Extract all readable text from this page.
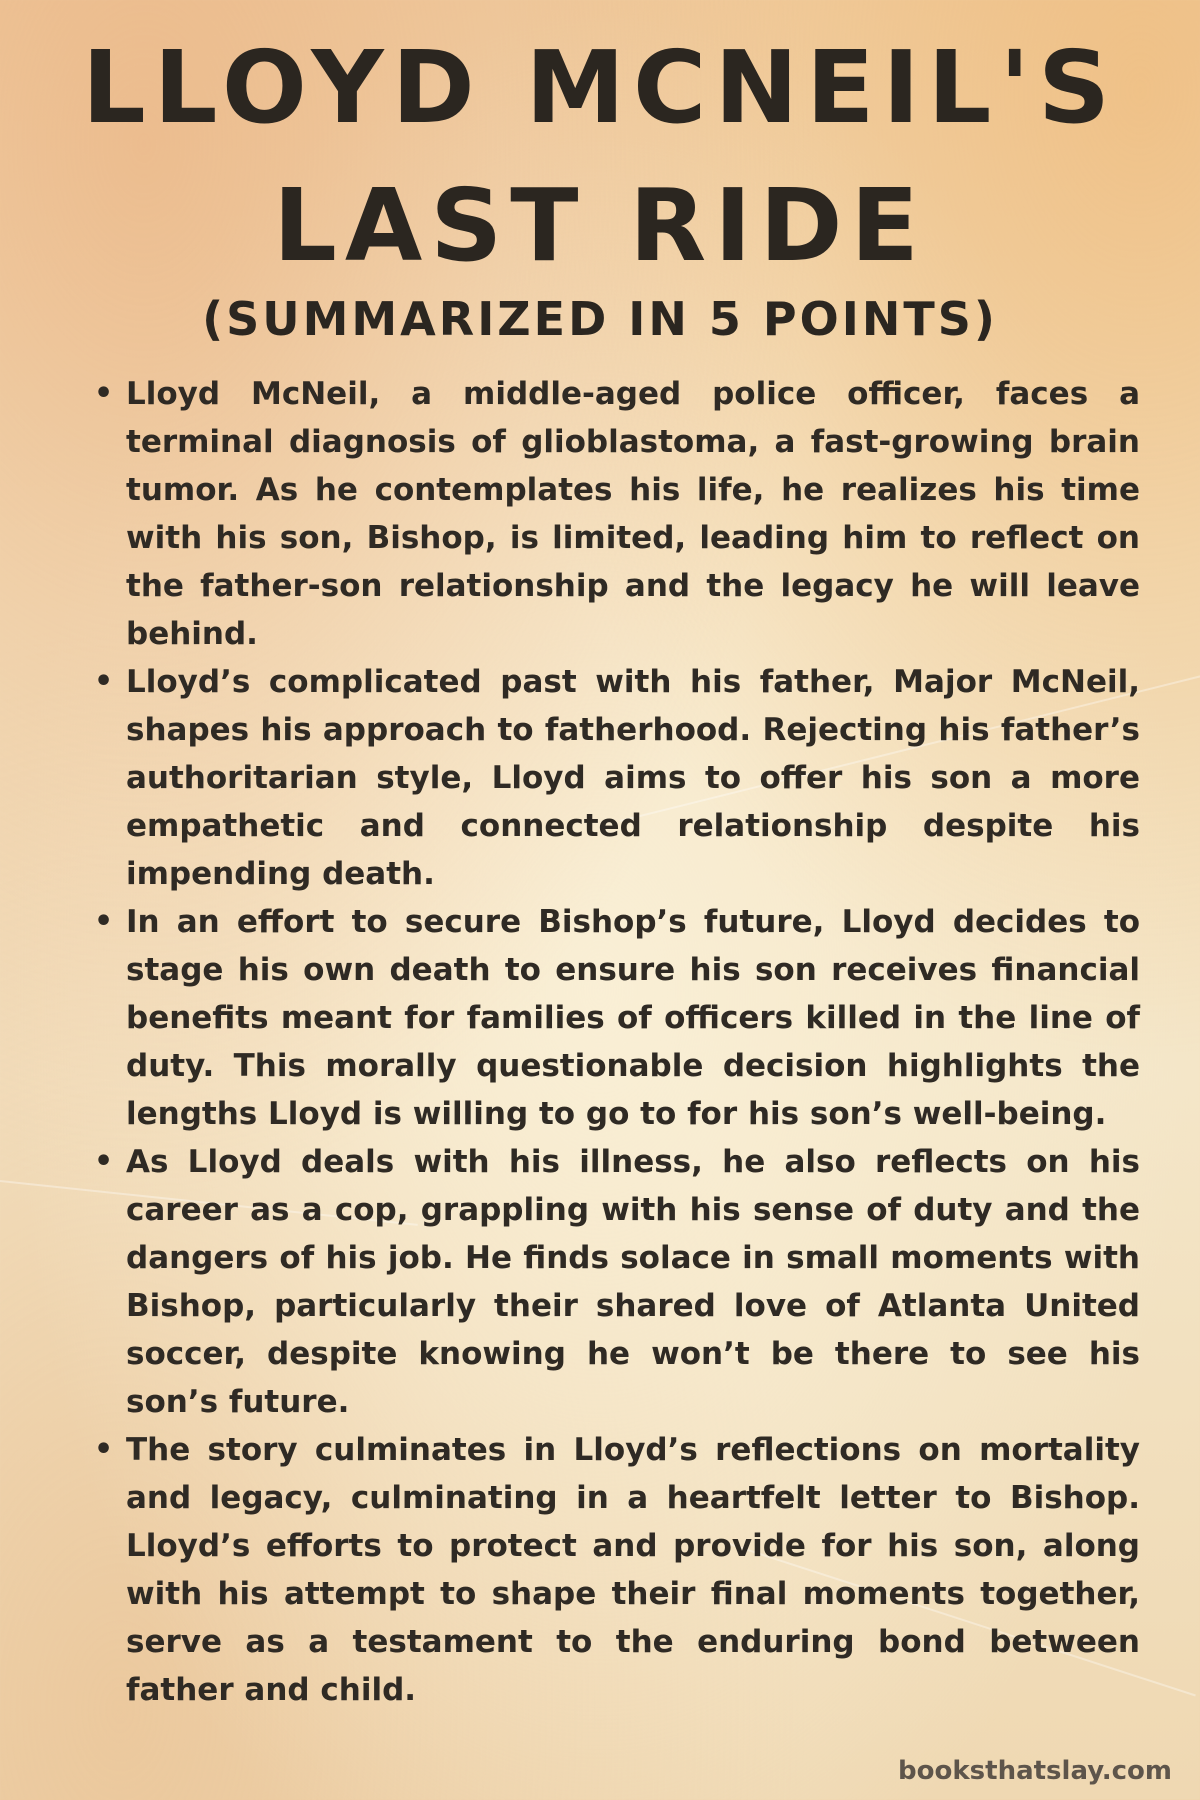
LLOYD MCNEIL'S
LAST RIDE
(SUMMARIZED IN 5 POINTS)
• Lloyd McNeil, a middle-aged police officer, faces a terminal diagnosis of glioblastoma, a fast-growing brain tumor. As he contemplates his life, he realizes his time with his son, Bishop, is limited, leading him to reflect on the father-son relationship and the legacy he will leave behind.
• Lloyd’s complicated past with his father, Major McNeil, shapes his approach to fatherhood. Rejecting his father’s authoritarian style, Lloyd aims to offer his son a more empathetic and connected relationship despite his impending death.
• In an effort to secure Bishop’s future, Lloyd decides to stage his own death to ensure his son receives financial benefits meant for families of officers killed in the line of duty. This morally questionable decision highlights the lengths Lloyd is willing to go to for his son’s well-being.
• As Lloyd deals with his illness, he also reflects on his career as a cop, grappling with his sense of duty and the dangers of his job. He finds solace in small moments with Bishop, particularly their shared love of Atlanta United soccer, despite knowing he won’t be there to see his son’s future.
• The story culminates in Lloyd’s reflections on mortality and legacy, culminating in a heartfelt letter to Bishop. Lloyd’s efforts to protect and provide for his son, along with his attempt to shape their final moments together, serve as a testament to the enduring bond between father and child.

booksthatslay.com
